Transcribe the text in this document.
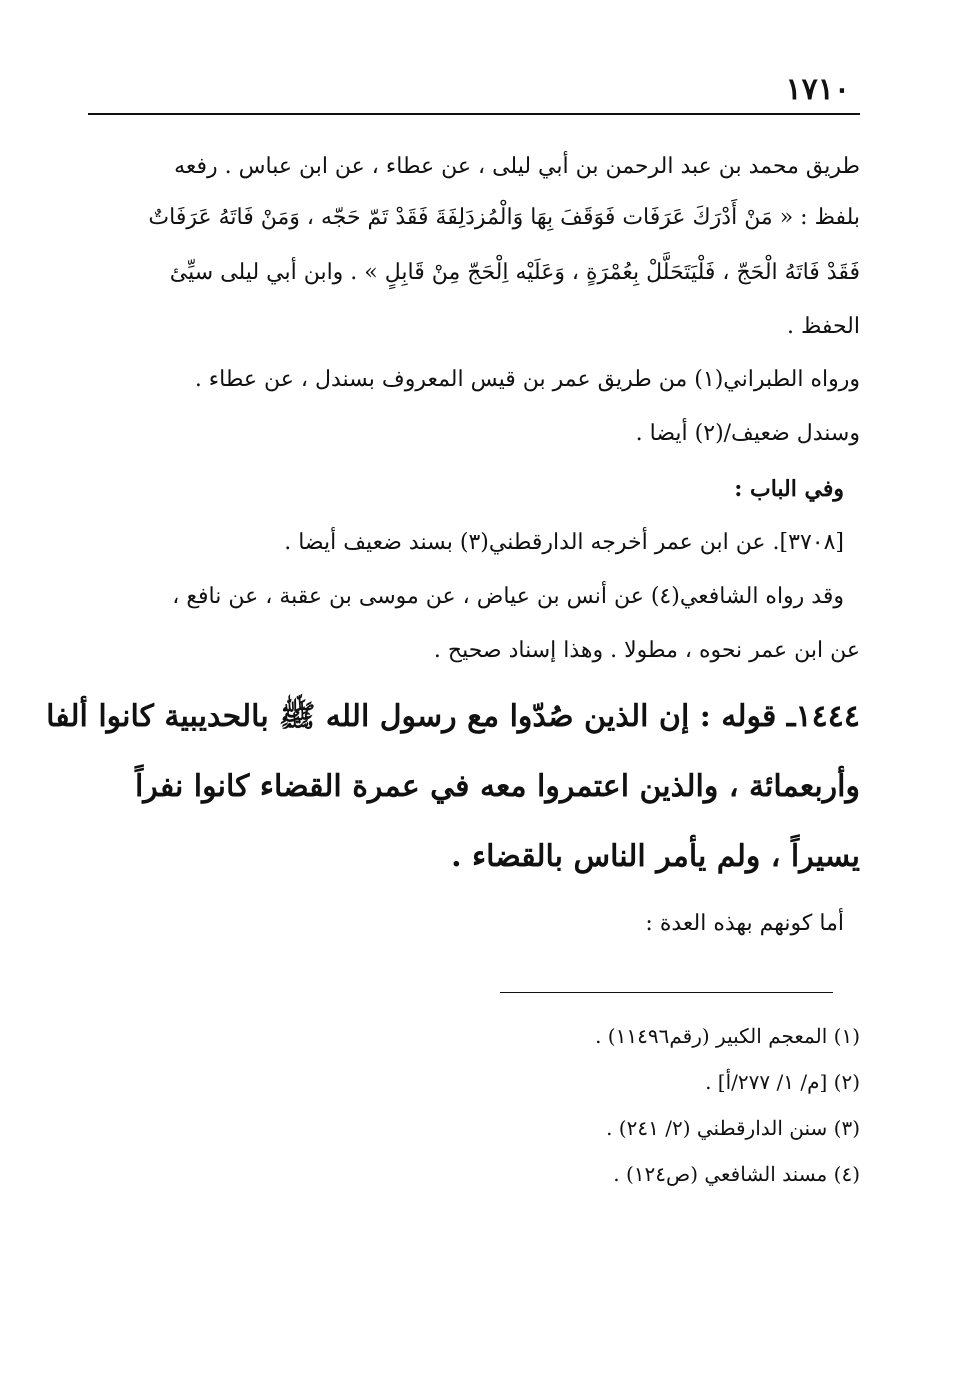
١٧١٠
طريق محمد بن عبد الرحمن بن أبي ليلى ، عن عطاء ، عن ابن عباس . رفعه
بلفظ : « مَنْ أَدْرَكَ عَرَفَات فَوَقَفَ بِهَا وَالْمُزدَلِفَةَ فَقَدْ تَمّ حَجّه ، وَمَنْ فَاتَهُ عَرَفَاتٌ
فَقَدْ فَاتَهُ الْحَجّ ، فَلْيَتَحَلَّلْ بِعُمْرَةٍ ، وَعَلَيْه اِلْحَجّ مِنْ قَابِلٍ » . وابن أبي ليلى سيِّئ
الحفظ .
ورواه الطبراني(١) من طريق عمر بن قيس المعروف بسندل ، عن عطاء .
وسندل ضعيف/(٢) أيضا .
وفي الباب :
[٣٧٠٨]. عن ابن عمر أخرجه الدارقطني(٣) بسند ضعيف أيضا .
وقد رواه الشافعي(٤) عن أنس بن عياض ، عن موسى بن عقبة ، عن نافع ،
عن ابن عمر نحوه ، مطولا . وهذا إسناد صحيح .
١٤٤٤ـ قوله : إن الذين صُدّوا مع رسول الله ﷺ بالحديبية كانوا ألفا
وأربعمائة ، والذين اعتمروا معه في عمرة القضاء كانوا نفراً
يسيراً ، ولم يأمر الناس بالقضاء .
أما كونهم بهذه العدة :
(١) المعجم الكبير (رقم١١٤٩٦) .
(٢) [م/ ١/ ٢٧٧/أ] .
(٣) سنن الدارقطني (٢/ ٢٤١) .
(٤) مسند الشافعي (ص١٢٤) .
